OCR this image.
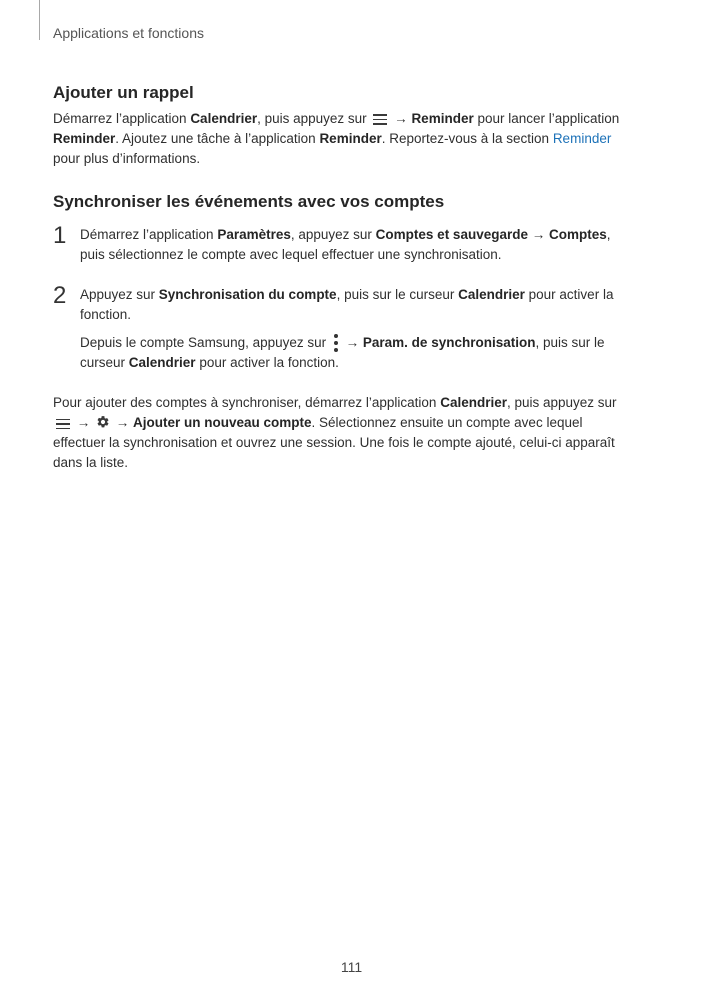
Applications et fonctions
Ajouter un rappel

Démarrez l’application Calendrier, puis appuyez sur
→ Reminder pour lancer l’application Reminder. Ajoutez une tâche à l’application Reminder. Reportez-vous à la section Reminder pour plus d’informations.

Synchroniser les événements avec vos comptes
1 Démarrez l’application Paramètres, appuyez sur Comptes et sauvegarde → Comptes, puis sélectionnez le compte avec lequel effectuer une synchronisation.

2 Appuyez sur Synchronisation du compte, puis sur le curseur Calendrier pour activer la fonction.

Depuis le compte Samsung, appuyez sur
→ Param. de synchronisation, puis sur le curseur Calendrier pour activer la fonction.

Pour ajouter des comptes à synchroniser, démarrez l’application Calendrier, puis appuyez sur
→  → Ajouter un nouveau compte. Sélectionnez ensuite un compte avec lequel effectuer la synchronisation et ouvrez une session. Une fois le compte ajouté, celui-ci apparaît dans la liste.

111
